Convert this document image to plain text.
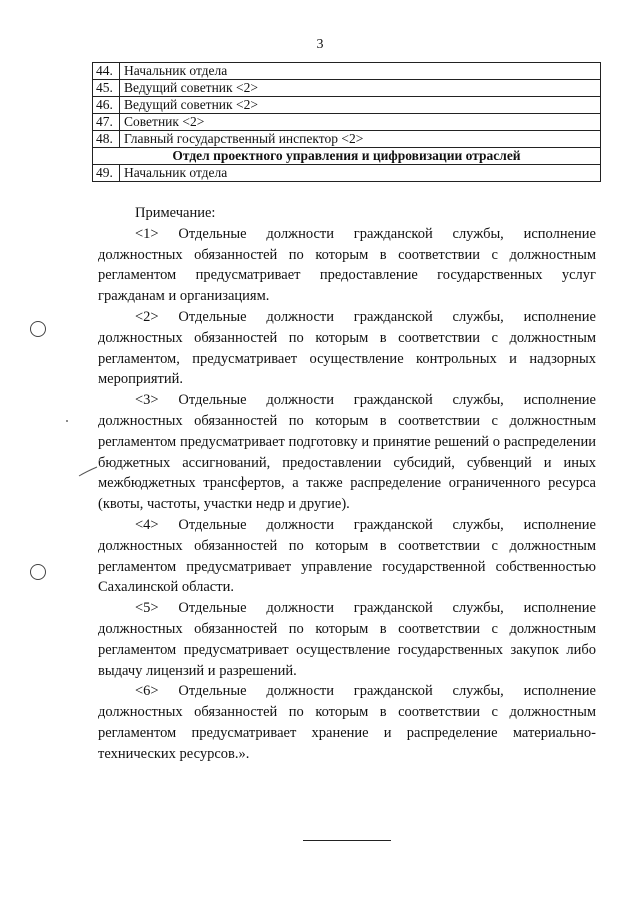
3
44.	Начальник отдела
45.	Ведущий советник <2>
46.	Ведущий советник <2>
47.	Советник <2>
48.	Главный государственный инспектор <2>
Отдел проектного управления и цифровизации отраслей	
49.	Начальник отдела

Примечание:

<1> Отдельные должности гражданской службы, исполнение должностных обязанностей по которым в соответствии с должностным регламентом предусматривает предоставление государственных услуг гражданам и организациям.

<2> Отдельные должности гражданской службы, исполнение должностных обязанностей по которым в соответствии с должностным регламентом, предусматривает осуществление контрольных и надзорных мероприятий.

<3> Отдельные должности гражданской службы, исполнение должностных обязанностей по которым в соответствии с должностным регламентом предусматривает подготовку и принятие решений о распределении бюджетных ассигнований, предоставлении субсидий, субвенций и иных межбюджетных трансфертов, а также распределение ограниченного ресурса (квоты, частоты, участки недр и другие).

<4> Отдельные должности гражданской службы, исполнение должностных обязанностей по которым в соответствии с должностным регламентом предусматривает управление государственной собственностью Сахалинской области.

<5> Отдельные должности гражданской службы, исполнение должностных обязанностей по которым в соответствии с должностным регламентом предусматривает осуществление государственных закупок либо выдачу лицензий и разрешений.

<6> Отдельные должности гражданской службы, исполнение должностных обязанностей по которым в соответствии с должностным регламентом предусматривает хранение и распределение материально-технических ресурсов.».
